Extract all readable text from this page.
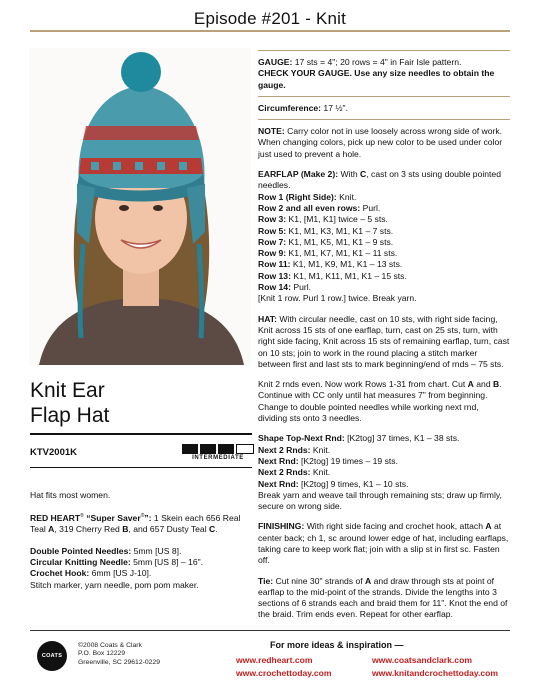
Episode #201 - Knit
Knit Ear
Flap Hat
KTV2001K	INTERMEDIATE

Hat fits most women.

RED HEART® “Super Saver®”: 1 Skein each 656 Real Teal A, 319 Cherry Red B, and 657 Dusty Teal C.

Double Pointed Needles: 5mm [US 8].
Circular Knitting Needle: 5mm [US 8] – 16".
Crochet Hook: 6mm [US J-10].
Stitch marker, yarn needle, pom pom maker.

GAUGE: 17 sts = 4"; 20 rows = 4" in Fair Isle pattern.
CHECK YOUR GAUGE. Use any size needles to obtain the gauge.

Circumference: 17 ½".

NOTE: Carry color not in use loosely across wrong side of work. When changing colors, pick up new color to be used under color just used to prevent a hole.

EARFLAP (Make 2): With C, cast on 3 sts using double pointed needles.

Row 1 (Right Side): Knit.

Row 2 and all even rows: Purl.

Row 3: K1, [M1, K1] twice – 5 sts.

Row 5: K1, M1, K3, M1, K1 – 7 sts.

Row 7: K1, M1, K5, M1, K1 – 9 sts.

Row 9: K1, M1, K7, M1, K1 – 11 sts.

Row 11: K1, M1, K9, M1, K1 – 13 sts.

Row 13: K1, M1, K11, M1, K1 – 15 sts.

Row 14: Purl.

[Knit 1 row. Purl 1 row.] twice. Break yarn.

HAT: With circular needle, cast on 10 sts, with right side facing, Knit across 15 sts of one earflap, turn, cast on 25 sts, turn, with right side facing, Knit across 15 sts of remaining earflap, turn, cast on 10 sts; join to work in the round placing a stitch marker between first and last sts to mark beginning/end of rnds – 75 sts.

Knit 2 rnds even. Now work Rows 1-31 from chart. Cut A and B. Continue with CC only until hat measures 7" from beginning. Change to double pointed needles while working next rnd, dividing sts onto 3 needles.

Shape Top-Next Rnd: [K2tog] 37 times, K1 – 38 sts.

Next 2 Rnds: Knit.

Next Rnd: [K2tog] 19 times – 19 sts.

Next 2 Rnds: Knit.

Next Rnd: [K2tog] 9 times, K1 – 10 sts.

Break yarn and weave tail through remaining sts; draw up firmly, secure on wrong side.

FINISHING: With right side facing and crochet hook, attach A at center back; ch 1, sc around lower edge of hat, including earflaps, taking care to keep work flat; join with a slip st in first sc. Fasten off.

Tie: Cut nine 30" strands of A and draw through sts at point of earflap to the mid-point of the strands. Divide the lengths into 3 sections of 6 strands each and braid them for 11". Knot the end of the braid. Trim ends even. Repeat for other earflap.

COATS
©2008 Coats & Clark
P.O. Box 12229
Greenville, SC 29612-0229
For more ideas & inspiration —
www.redheart.com	www.coatsandclark.com
www.crochettoday.com	www.knitandcrochettoday.com
